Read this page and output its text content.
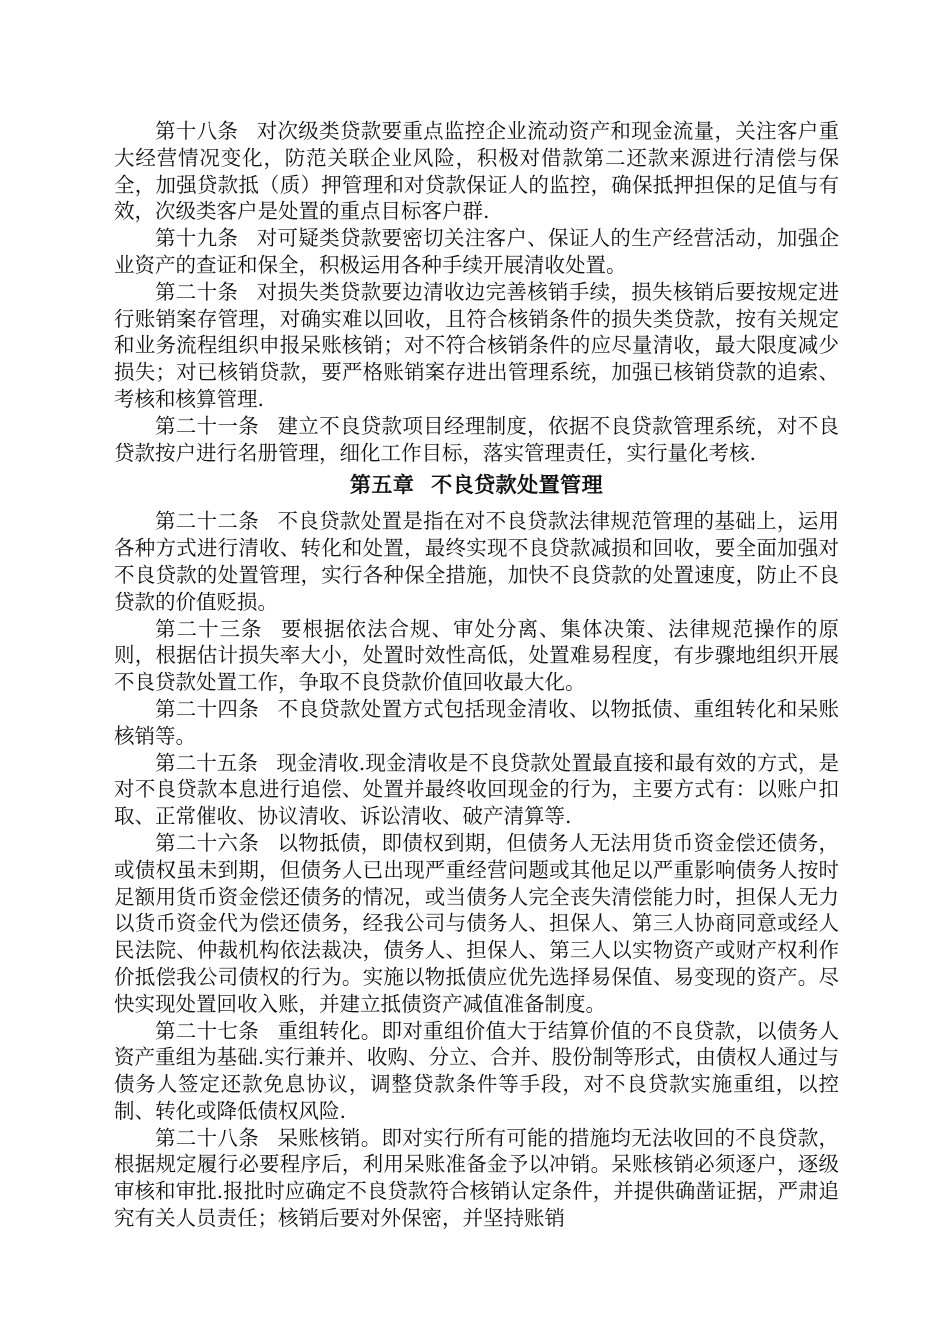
第十八条 对次级类贷款要重点监控企业流动资产和现金流量，关注客户重大经营情况变化，防范关联企业风险，积极对借款第二还款来源进行清偿与保全，加强贷款抵（质）押管理和对贷款保证人的监控，确保抵押担保的足值与有效，次级类客户是处置的重点目标客户群.

第十九条 对可疑类贷款要密切关注客户、保证人的生产经营活动，加强企业资产的查证和保全，积极运用各种手续开展清收处置。

第二十条 对损失类贷款要边清收边完善核销手续，损失核销后要按规定进行账销案存管理，对确实难以回收，且符合核销条件的损失类贷款，按有关规定和业务流程组织申报呆账核销；对不符合核销条件的应尽量清收，最大限度减少损失；对已核销贷款，要严格账销案存进出管理系统，加强已核销贷款的追索、考核和核算管理.

第二十一条 建立不良贷款项目经理制度，依据不良贷款管理系统，对不良贷款按户进行名册管理，细化工作目标，落实管理责任，实行量化考核.

第五章 不良贷款处置管理

第二十二条 不良贷款处置是指在对不良贷款法律规范管理的基础上，运用各种方式进行清收、转化和处置，最终实现不良贷款减损和回收，要全面加强对不良贷款的处置管理，实行各种保全措施，加快不良贷款的处置速度，防止不良贷款的价值贬损。

第二十三条 要根据依法合规、审处分离、集体决策、法律规范操作的原则，根据估计损失率大小，处置时效性高低，处置难易程度，有步骤地组织开展不良贷款处置工作，争取不良贷款价值回收最大化。

第二十四条 不良贷款处置方式包括现金清收、以物抵债、重组转化和呆账核销等。

第二十五条 现金清收.现金清收是不良贷款处置最直接和最有效的方式，是对不良贷款本息进行追偿、处置并最终收回现金的行为，主要方式有：以账户扣取、正常催收、协议清收、诉讼清收、破产清算等.

第二十六条 以物抵债，即债权到期，但债务人无法用货币资金偿还债务，或债权虽未到期，但债务人已出现严重经营问题或其他足以严重影响债务人按时足额用货币资金偿还债务的情况，或当债务人完全丧失清偿能力时，担保人无力以货币资金代为偿还债务，经我公司与债务人、担保人、第三人协商同意或经人民法院、仲裁机构依法裁决，债务人、担保人、第三人以实物资产或财产权利作价抵偿我公司债权的行为。实施以物抵债应优先选择易保值、易变现的资产。尽快实现处置回收入账，并建立抵债资产减值准备制度。

第二十七条 重组转化。即对重组价值大于结算价值的不良贷款，以债务人资产重组为基础.实行兼并、收购、分立、合并、股份制等形式，由债权人通过与债务人签定还款免息协议，调整贷款条件等手段，对不良贷款实施重组，以控制、转化或降低债权风险.

第二十八条 呆账核销。即对实行所有可能的措施均无法收回的不良贷款，根据规定履行必要程序后，利用呆账准备金予以冲销。呆账核销必须逐户，逐级审核和审批.报批时应确定不良贷款符合核销认定条件，并提供确凿证据，严肃追究有关人员责任；核销后要对外保密，并坚持账销
